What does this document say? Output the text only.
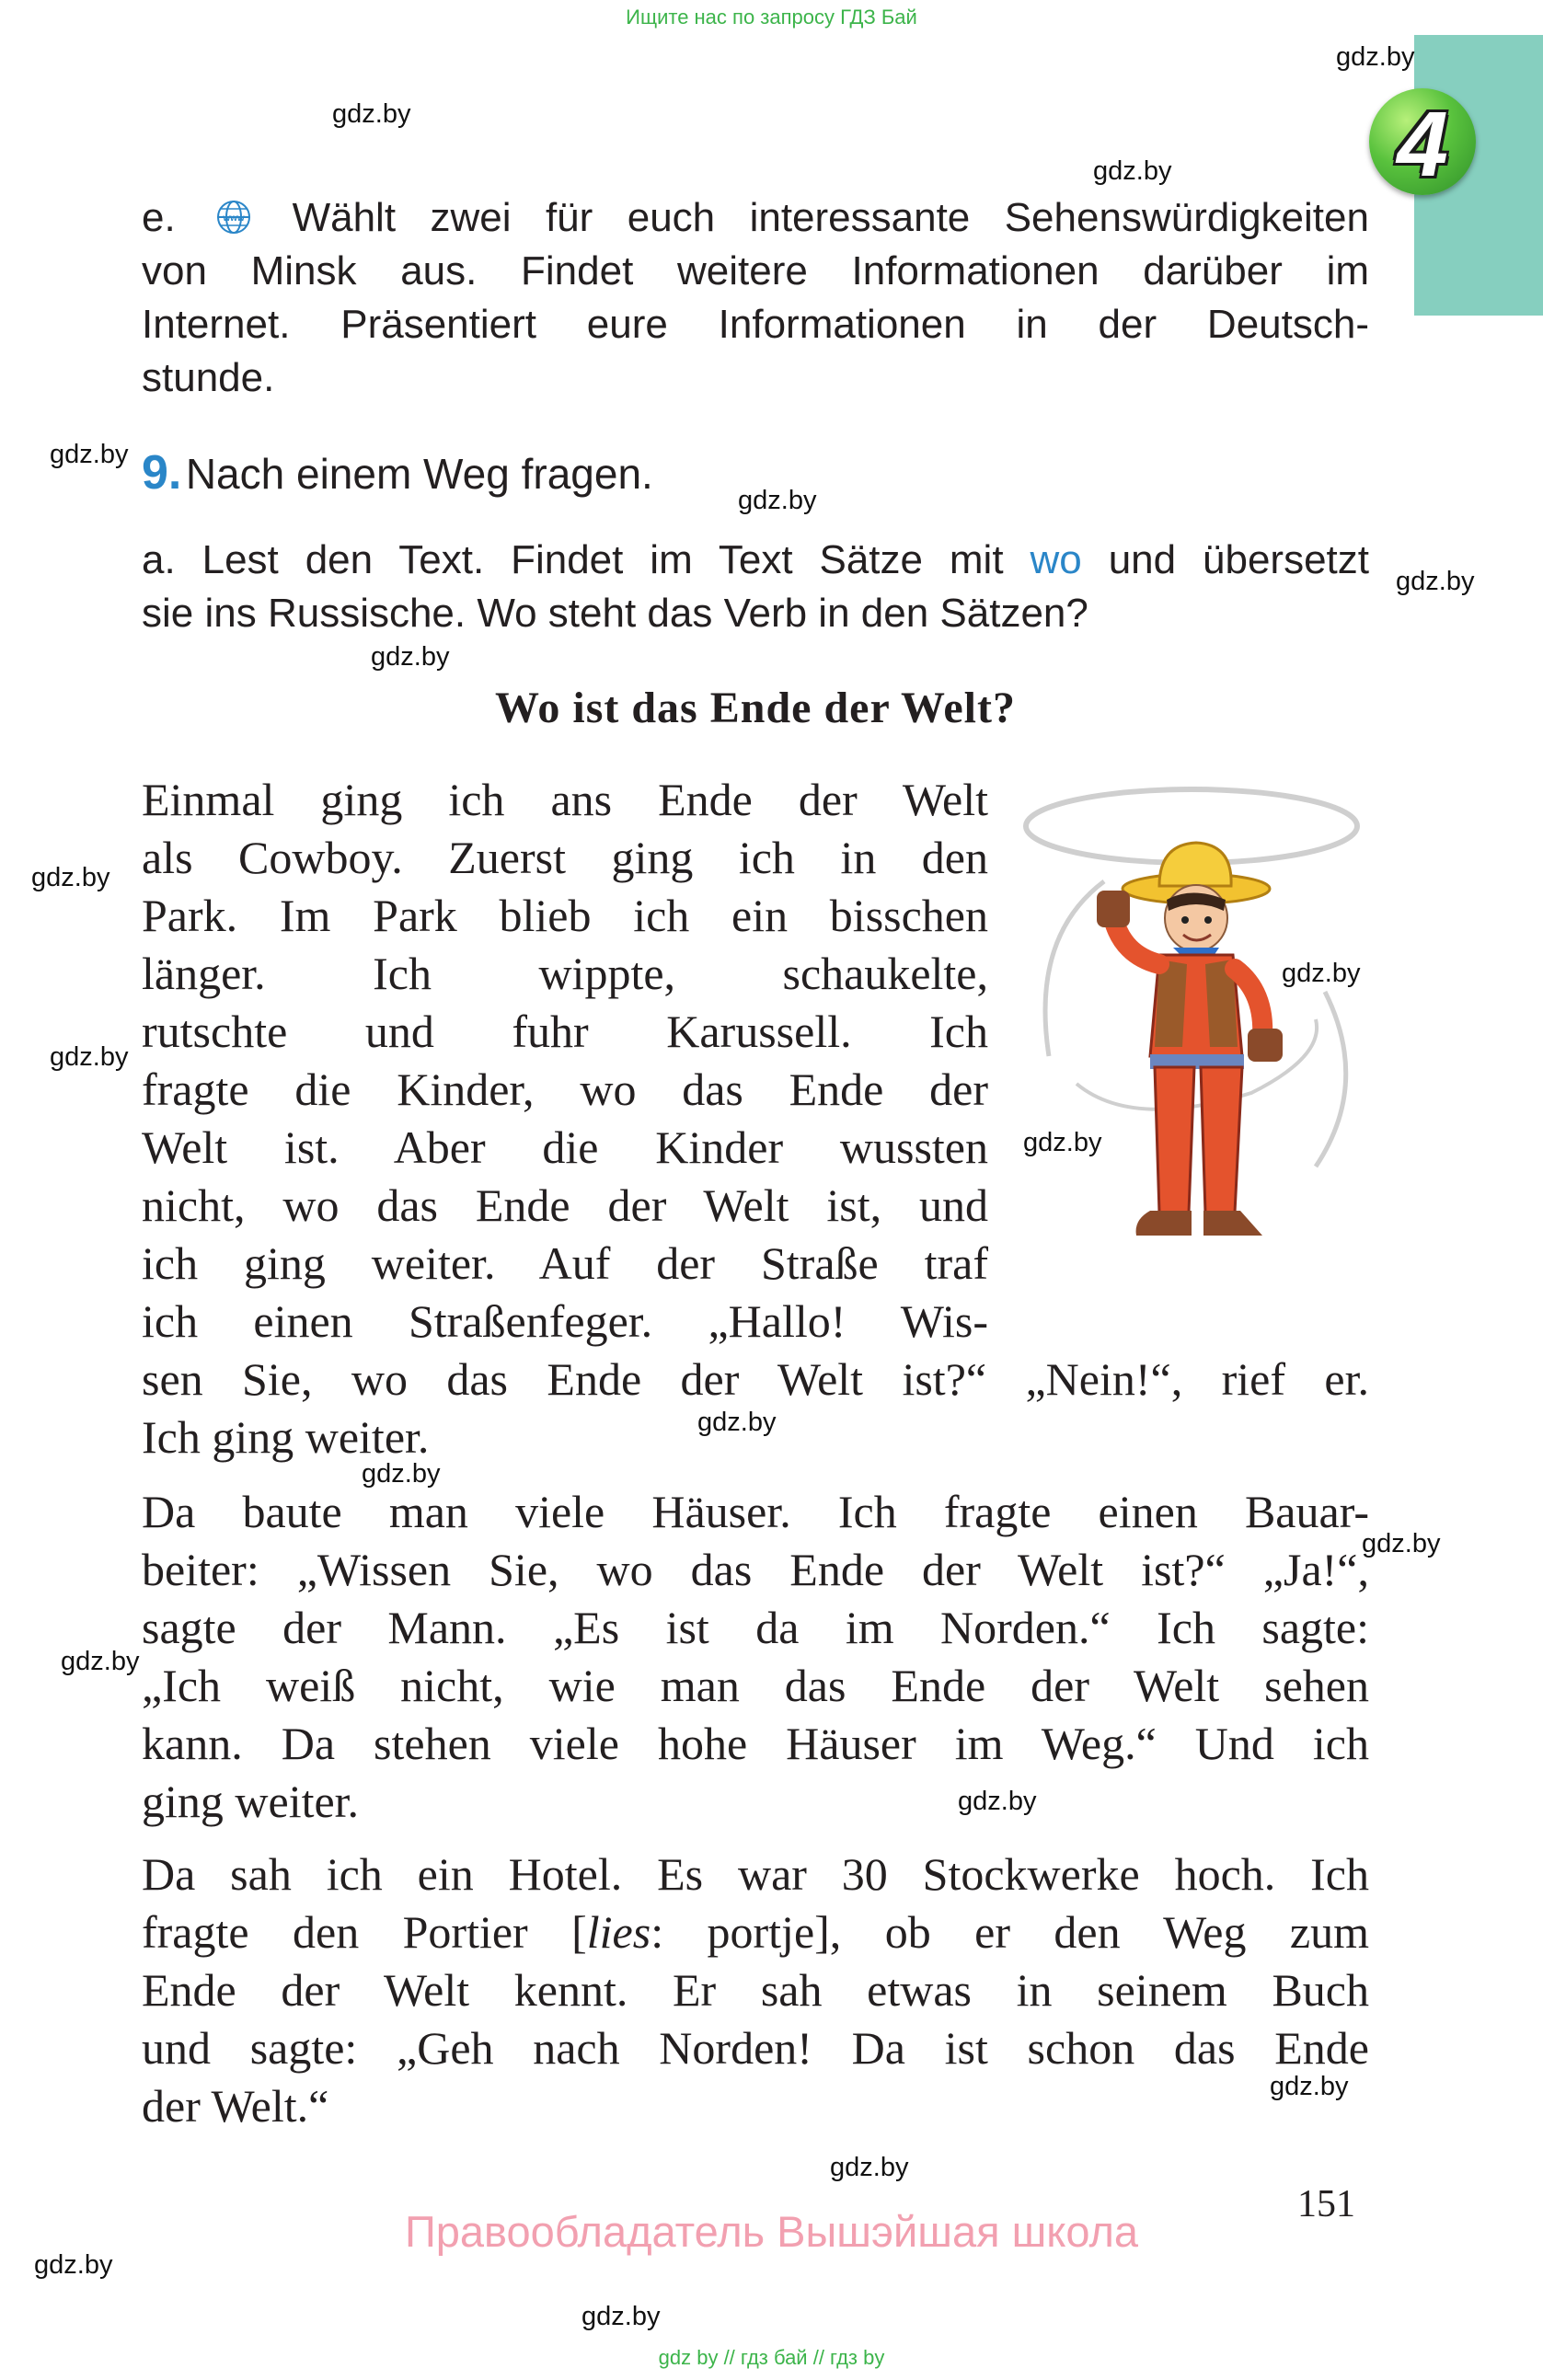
Ищите нас по запросу ГДЗ Бай
4
gdz.by
gdz.by
gdz.by
gdz.by
gdz.by
gdz.by
gdz.by
gdz.by
gdz.by
gdz.by
gdz.by
gdz.by
gdz.by
gdz.by
gdz.by
gdz.by
gdz.by
gdz.by
gdz.by
gdz.by
e.	www Wählt zwei für euch interessante Sehenswürdigkeiten
von Minsk aus. Findet weitere Informationen darüber im
Internet. Präsentiert eure Informationen in der Deutsch-
stunde.
9. Nach einem Weg fragen.
a. Lest den Text. Findet im Text Sätze mit wo und übersetzt
sie ins Russische. Wo steht das Verb in den Sätzen?
Wo ist das Ende der Welt?
Einmal ging ich ans Ende der Welt
als Cowboy. Zuerst ging ich in den
Park. Im Park blieb ich ein bisschen
länger. Ich wippte, schaukelte,
rutschte und fuhr Karussell. Ich
fragte die Kinder, wo das Ende der
Welt ist. Aber die Kinder wussten
nicht, wo das Ende der Welt ist, und
ich ging weiter. Auf der Straße traf
ich einen Straßenfeger. „Hallo! Wis-
sen Sie, wo das Ende der Welt ist?“ „Nein!“, rief er.
Ich ging weiter.
Da baute man viele Häuser. Ich fragte einen Bauar-
beiter: „Wissen Sie, wo das Ende der Welt ist?“ „Ja!“,
sagte der Mann. „Es ist da im Norden.“ Ich sagte:
„Ich weiß nicht, wie man das Ende der Welt sehen
kann. Da stehen viele hohe Häuser im Weg.“ Und ich
ging weiter.
Da sah ich ein Hotel. Es war 30 Stockwerke hoch. Ich
fragte den Portier [lies: portje], ob er den Weg zum
Ende der Welt kennt. Er sah etwas in seinem Buch
und sagte: „Geh nach Norden! Da ist schon das Ende
der Welt.“
151
Правообладатель Вышэйшая школа
gdz by // гдз бай // гдз by
